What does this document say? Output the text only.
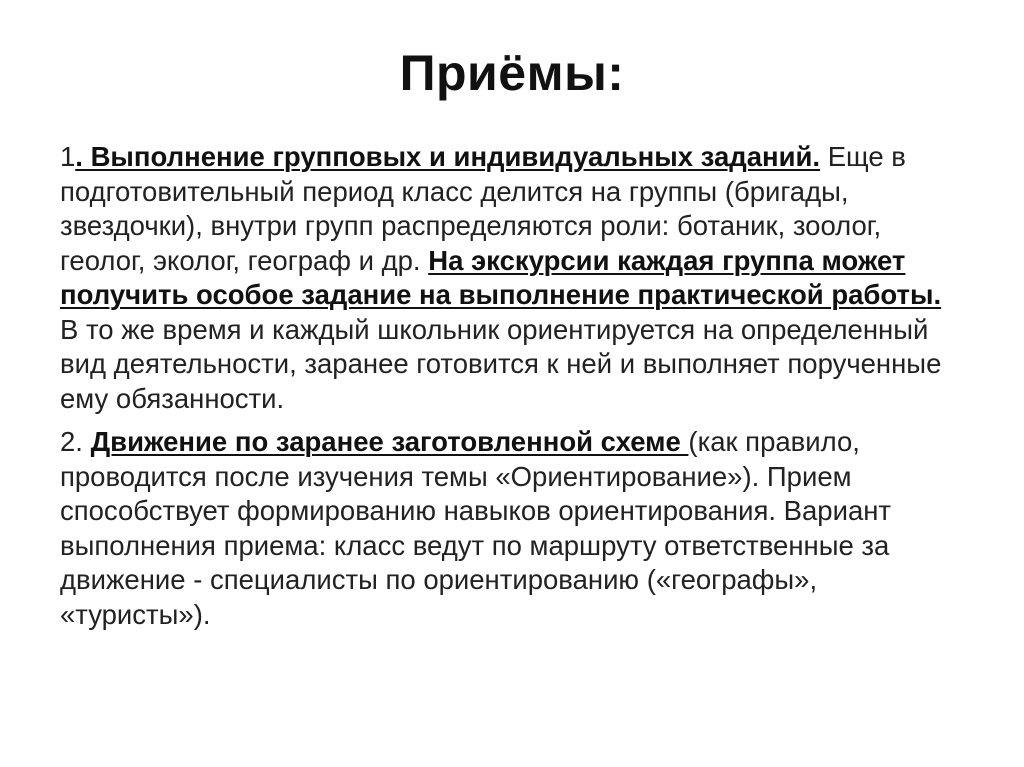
Приёмы:

1. Выполнение групповых и индивидуальных заданий. Еще в подготовительный период класс делится на группы (бригады, звездочки), внутри групп распределяются роли: ботаник, зоолог, геолог, эколог, географ и др. На экскурсии каждая группа может получить особое задание на выполнение практической работы. В то же время и каждый школьник ориентируется на определенный вид деятельности, заранее готовится к ней и выполняет порученные ему обязанности.

2. Движение по заранее заготовленной схеме (как правило, проводится после изучения темы «Ориентирование»). Прием способствует формированию навыков ориентирования. Вариант выполнения приема: класс ведут по маршруту ответственные за движение - специалисты по ориентированию («географы», «туристы»).
